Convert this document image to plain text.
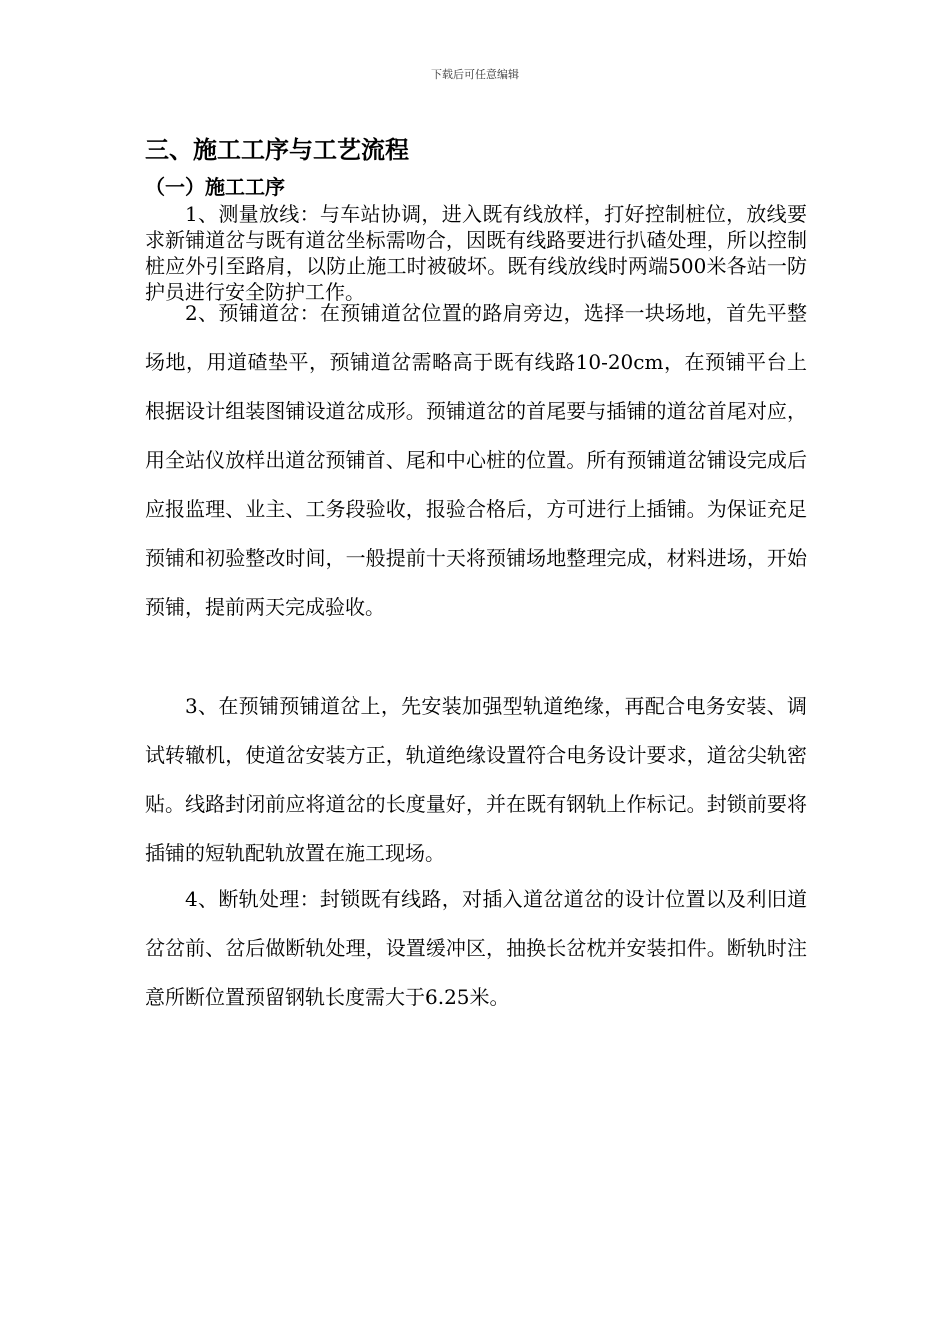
下载后可任意编辑
三、施工工序与工艺流程
（一）施工工序

1、测量放线：与车站协调，进入既有线放样，打好控制桩位，放线要求新铺道岔与既有道岔坐标需吻合，因既有线路要进行扒碴处理，所以控制桩应外引至路肩，以防止施工时被破坏。既有线放线时两端500米各站一防护员进行安全防护工作。

2、预铺道岔：在预铺道岔位置的路肩旁边，选择一块场地，首先平整场地，用道碴垫平，预铺道岔需略高于既有线路10-20cm，在预铺平台上根据设计组装图铺设道岔成形。预铺道岔的首尾要与插铺的道岔首尾对应，用全站仪放样出道岔预铺首、尾和中心桩的位置。所有预铺道岔铺设完成后应报监理、业主、工务段验收，报验合格后，方可进行上插铺。为保证充足预铺和初验整改时间，一般提前十天将预铺场地整理完成，材料进场，开始预铺，提前两天完成验收。

3、在预铺预铺道岔上，先安装加强型轨道绝缘，再配合电务安装、调试转辙机，使道岔安装方正，轨道绝缘设置符合电务设计要求，道岔尖轨密贴。线路封闭前应将道岔的长度量好，并在既有钢轨上作标记。封锁前要将插铺的短轨配轨放置在施工现场。

4、断轨处理：封锁既有线路，对插入道岔道岔的设计位置以及利旧道岔岔前、岔后做断轨处理，设置缓冲区，抽换长岔枕并安装扣件。断轨时注意所断位置预留钢轨长度需大于6.25米。
